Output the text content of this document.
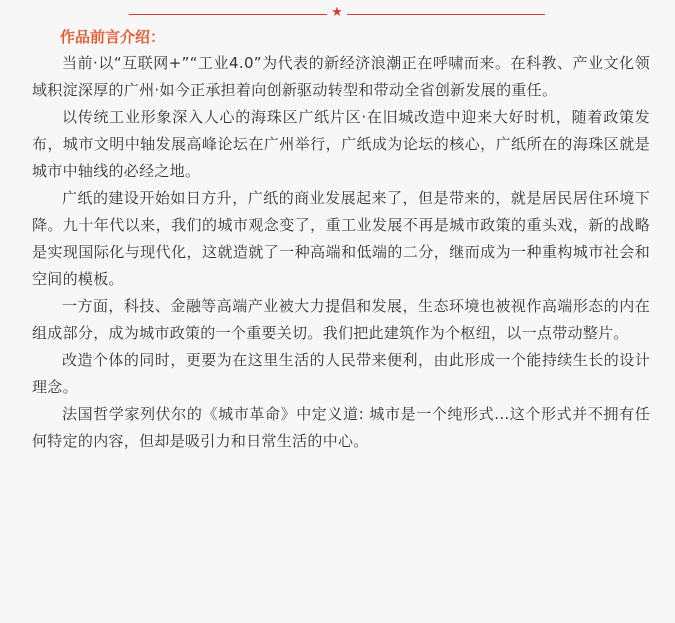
★
作品前言介绍：

当前·以“互联网+”“工业4.0”为代表的新经济浪潮正在呼啸而来。在科教、产业文化领域积淀深厚的广州·如今正承担着向创新驱动转型和带动全省创新发展的重任。

以传统工业形象深入人心的海珠区广纸片区·在旧城改造中迎来大好时机，随着政策发布，城市文明中轴发展高峰论坛在广州举行，广纸成为论坛的核心，广纸所在的海珠区就是城市中轴线的必经之地。

广纸的建设开始如日方升，广纸的商业发展起来了，但是带来的，就是居民居住环境下降。九十年代以来，我们的城市观念变了，重工业发展不再是城市政策的重头戏，新的战略是实现国际化与现代化，这就造就了一种高端和低端的二分，继而成为一种重构城市社会和空间的模板。

一方面，科技、金融等高端产业被大力提倡和发展，生态环境也被视作高端形态的内在组成部分，成为城市政策的一个重要关切。我们把此建筑作为个枢纽，以一点带动整片。

改造个体的同时，更要为在这里生活的人民带来便利，由此形成一个能持续生长的设计理念。

法国哲学家列伏尔的《城市革命》中定义道: 城市是一个纯形式...这个形式并不拥有任何特定的内容，但却是吸引力和日常生活的中心。
